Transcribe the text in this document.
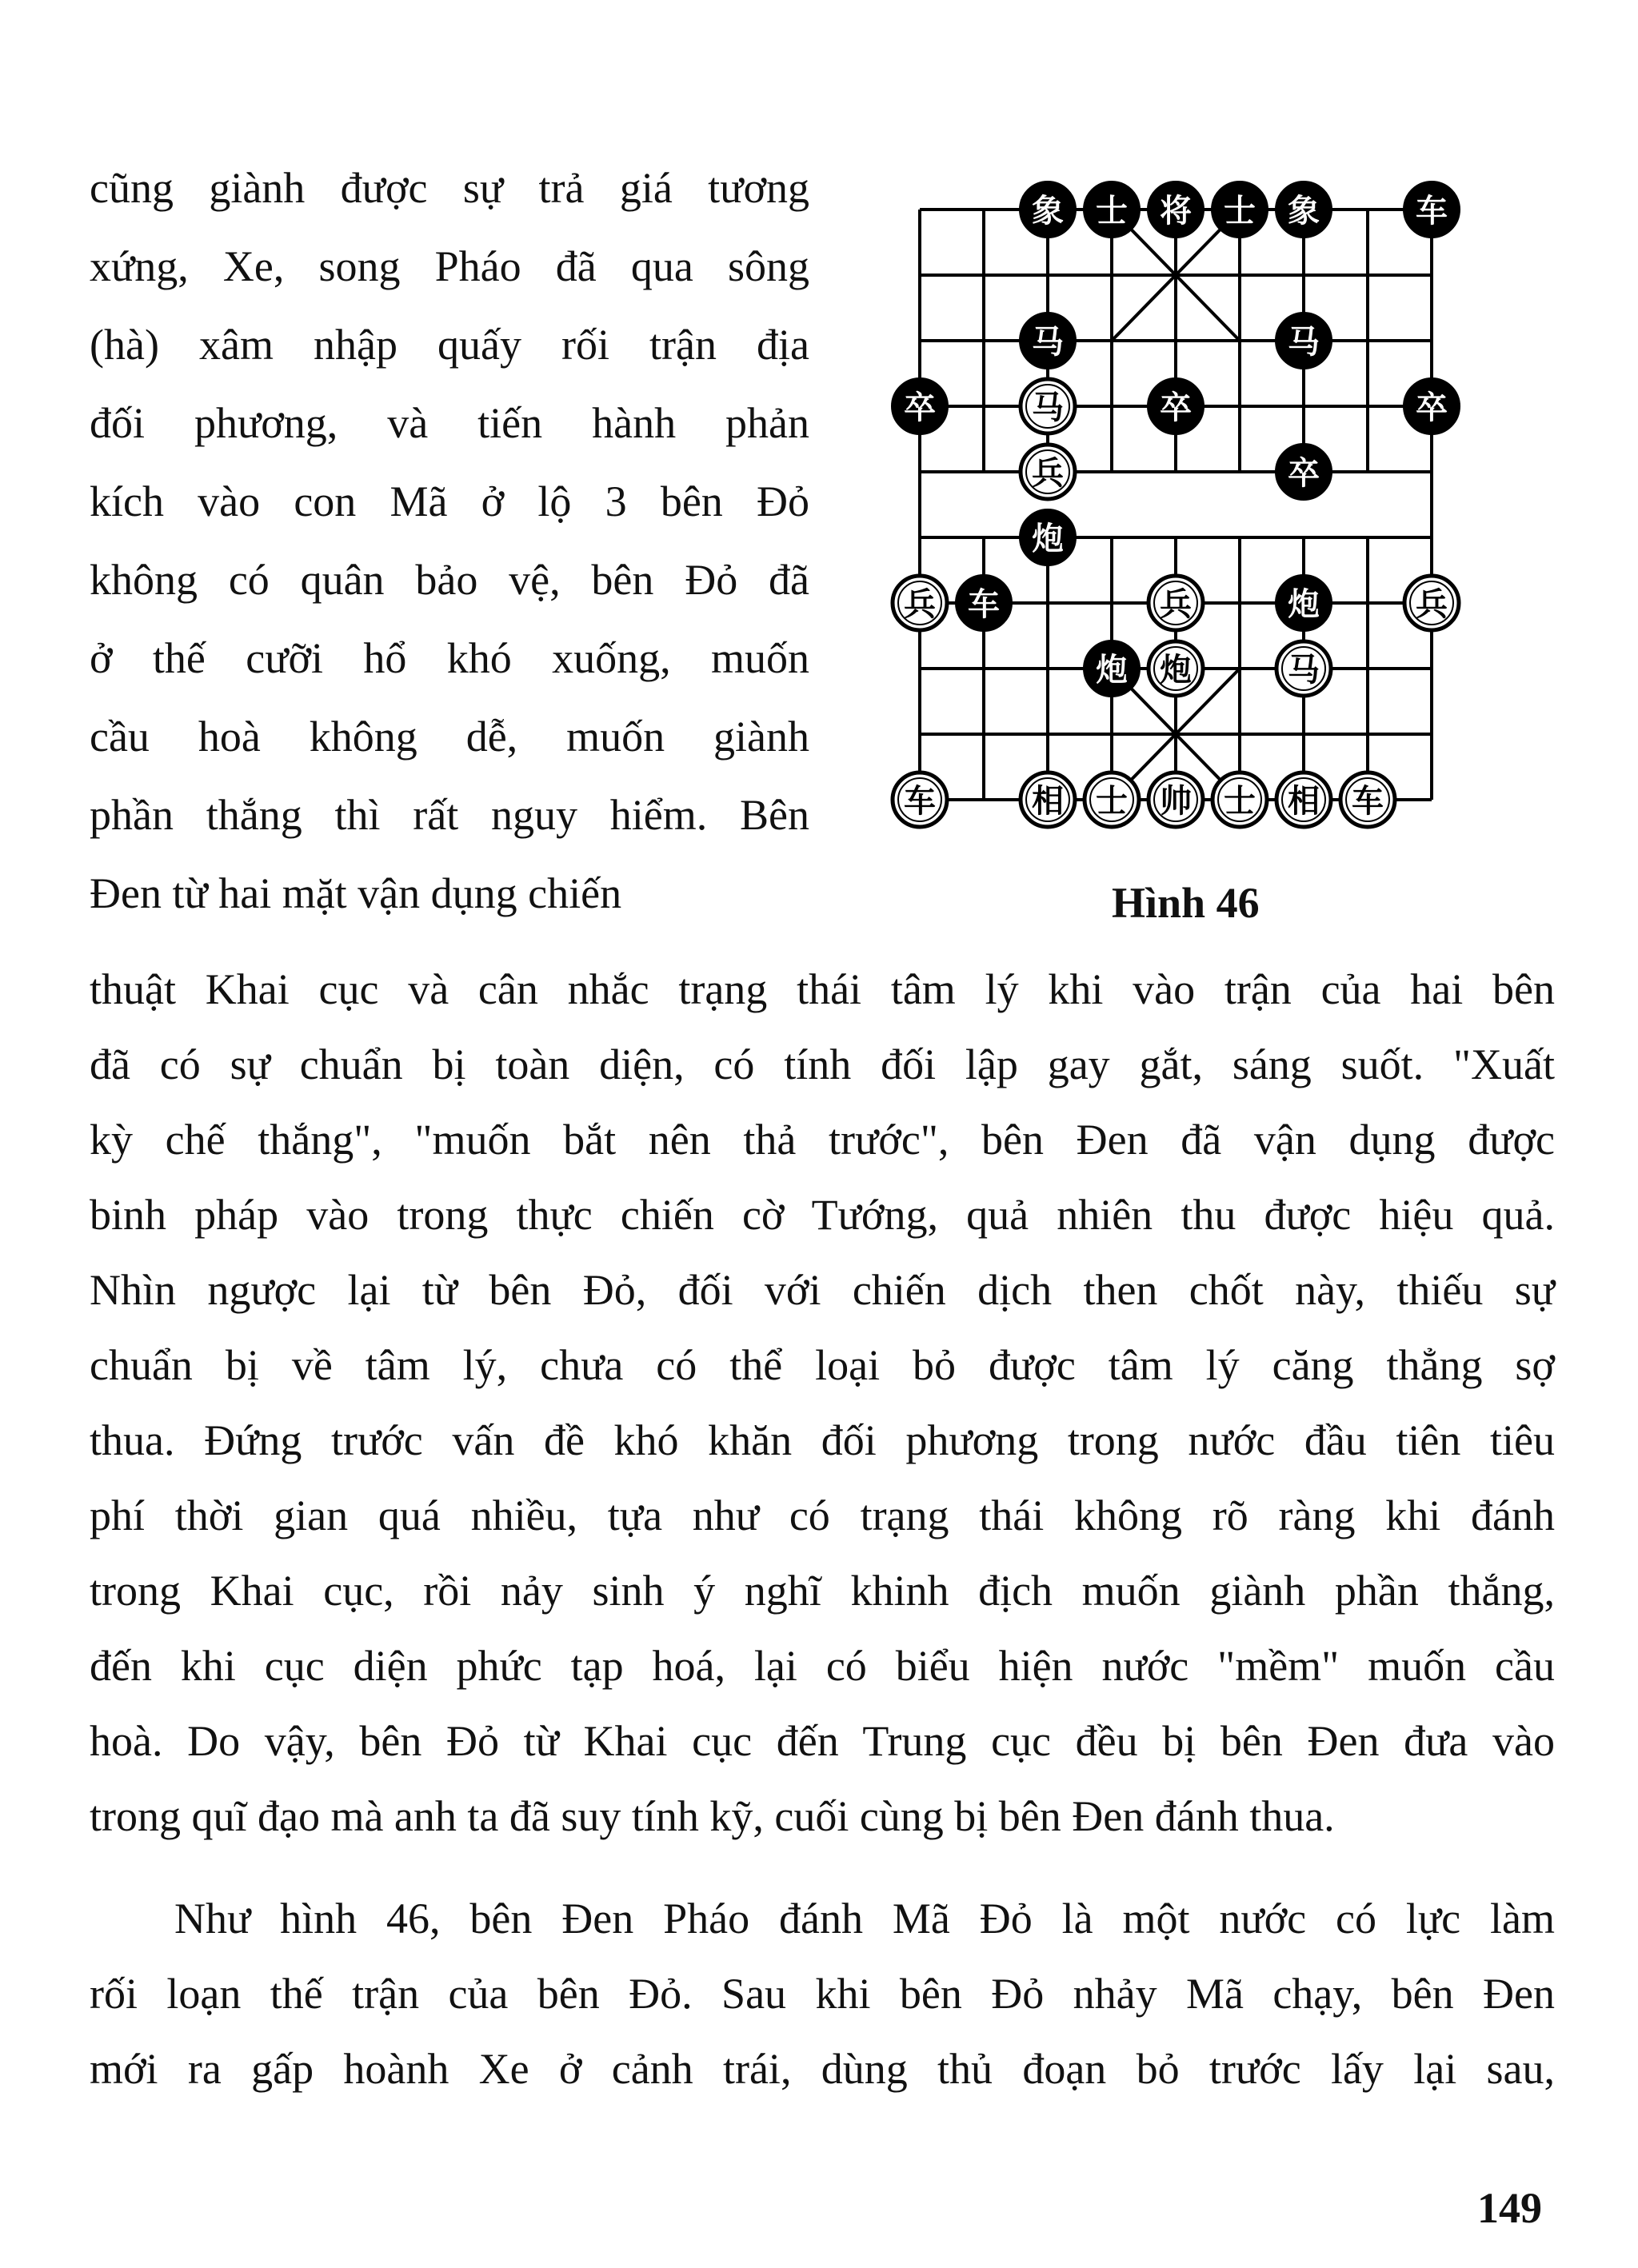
cũng giành được sự trả giá tương
xứng, Xe, song Pháo đã qua sông
(hà) xâm nhập quấy rối trận địa
đối phương, và tiến hành phản
kích vào con Mã ở lộ 3 bên Đỏ
không có quân bảo vệ, bên Đỏ đã
ở thế cưỡi hổ khó xuống, muốn
cầu hoà không dễ, muốn giành
phần thắng thì rất nguy hiểm. Bên
Đen từ hai mặt vận dụng chiến
象 士 将 士 象	车
马	马
卒	马	卒	卒
兵	卒
炮
兵 车	兵	炮	兵
炮 炮	马
车	相 士 帅 士 相 车
Hình 46
thuật Khai cục và cân nhắc trạng thái tâm lý khi vào trận của hai bên
đã có sự chuẩn bị toàn diện, có tính đối lập gay gắt, sáng suốt. "Xuất
kỳ chế thắng", "muốn bắt nên thả trước", bên Đen đã vận dụng được
binh pháp vào trong thực chiến cờ Tướng, quả nhiên thu được hiệu quả.
Nhìn ngược lại từ bên Đỏ, đối với chiến dịch then chốt này, thiếu sự
chuẩn bị về tâm lý, chưa có thể loại bỏ được tâm lý căng thẳng sợ
thua. Đứng trước vấn đề khó khăn đối phương trong nước đầu tiên tiêu
phí thời gian quá nhiều, tựa như có trạng thái không rõ ràng khi đánh
trong Khai cục, rồi nảy sinh ý nghĩ khinh địch muốn giành phần thắng,
đến khi cục diện phức tạp hoá, lại có biểu hiện nước "mềm" muốn cầu
hoà. Do vậy, bên Đỏ từ Khai cục đến Trung cục đều bị bên Đen đưa vào
trong quĩ đạo mà anh ta đã suy tính kỹ, cuối cùng bị bên Đen đánh thua.
Như hình 46, bên Đen Pháo đánh Mã Đỏ là một nước có lực làm
rối loạn thế trận của bên Đỏ. Sau khi bên Đỏ nhảy Mã chạy, bên Đen
mới ra gấp hoành Xe ở cảnh trái, dùng thủ đoạn bỏ trước lấy lại sau,
149
